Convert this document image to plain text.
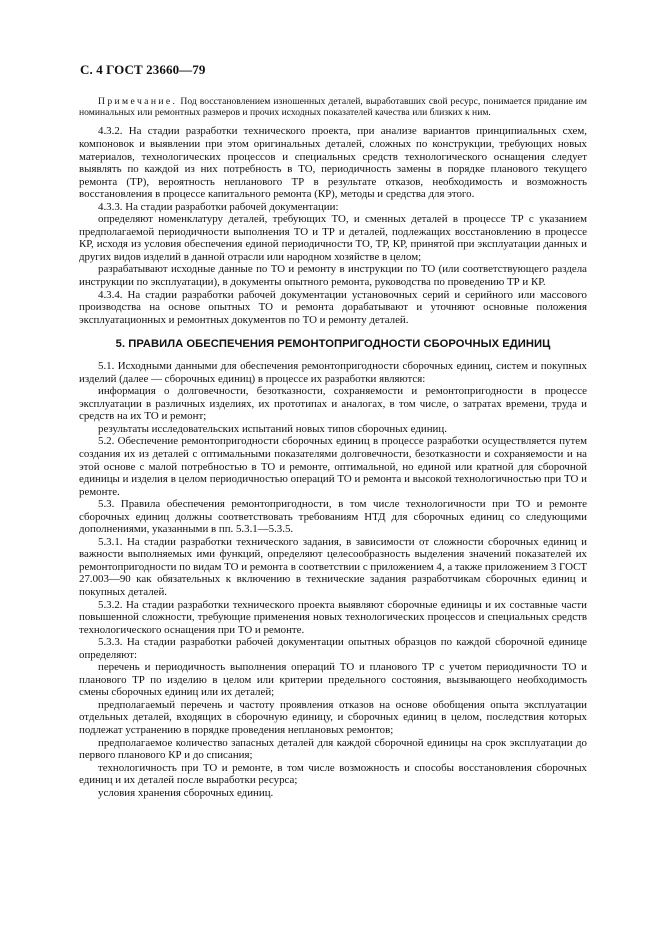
С. 4 ГОСТ 23660—79

Примечание. Под восстановлением изношенных деталей, выработавших свой ресурс, понимается придание им номинальных или ремонтных размеров и прочих исходных показателей качества или близких к ним.

4.3.2. На стадии разработки технического проекта, при анализе вариантов принципиальных схем, компоновок и выявлении при этом оригинальных деталей, сложных по конструкции, требующих новых материалов, технологических процессов и специальных средств технологического оснащения следует выявлять по каждой из них потребность в ТО, периодичность замены в порядке планового текущего ремонта (ТР), вероятность непланового ТР в результате отказов, необходимость и возможность восстановления в процессе капитального ремонта (КР), методы и средства для этого.

4.3.3. На стадии разработки рабочей документации:

определяют номенклатуру деталей, требующих ТО, и сменных деталей в процессе ТР с указанием предполагаемой периодичности выполнения ТО и ТР и деталей, подлежащих восстановлению в процессе КР, исходя из условия обеспечения единой периодичности ТО, ТР, КР, принятой при эксплуатации данных и других видов изделий в данной отрасли или народном хозяйстве в целом;

разрабатывают исходные данные по ТО и ремонту в инструкции по ТО (или соответствующего раздела инструкции по эксплуатации), в документы опытного ремонта, руководства по проведению ТР и КР.

4.3.4. На стадии разработки рабочей документации установочных серий и серийного или массового производства на основе опытных ТО и ремонта дорабатывают и уточняют основные положения эксплуатационных и ремонтных документов по ТО и ремонту деталей.

5. ПРАВИЛА ОБЕСПЕЧЕНИЯ РЕМОНТОПРИГОДНОСТИ СБОРОЧНЫХ ЕДИНИЦ

5.1. Исходными данными для обеспечения ремонтопригодности сборочных единиц, систем и покупных изделий (далее — сборочных единиц) в процессе их разработки являются:

информация о долговечности, безотказности, сохраняемости и ремонтопригодности в процессе эксплуатации в различных изделиях, их прототипах и аналогах, в том числе, о затратах времени, труда и средств на их ТО и ремонт;

результаты исследовательских испытаний новых типов сборочных единиц.

5.2. Обеспечение ремонтопригодности сборочных единиц в процессе разработки осуществляется путем создания их из деталей с оптимальными показателями долговечности, безотказности и сохраняемости и на этой основе с малой потребностью в ТО и ремонте, оптимальной, но единой или кратной для сборочной единицы и изделия в целом периодичностью операций ТО и ремонта и высокой технологичностью при ТО и ремонте.

5.3. Правила обеспечения ремонтопригодности, в том числе технологичности при ТО и ремонте сборочных единиц должны соответствовать требованиям НТД для сборочных единиц со следующими дополнениями, указанными в пп. 5.3.1—5.3.5.

5.3.1. На стадии разработки технического задания, в зависимости от сложности сборочных единиц и важности выполняемых ими функций, определяют целесообразность выделения значений показателей их ремонтопригодности по видам ТО и ремонта в соответствии с приложением 4, а также приложением 3 ГОСТ 27.003—90 как обязательных к включению в технические задания разработчикам сборочных единиц и покупных деталей.

5.3.2. На стадии разработки технического проекта выявляют сборочные единицы и их составные части повышенной сложности, требующие применения новых технологических процессов и специальных средств технологического оснащения при ТО и ремонте.

5.3.3. На стадии разработки рабочей документации опытных образцов по каждой сборочной единице определяют:

перечень и периодичность выполнения операций ТО и планового ТР с учетом периодичности ТО и планового ТР по изделию в целом или критерии предельного состояния, вызывающего необходимость смены сборочных единиц или их деталей;

предполагаемый перечень и частоту проявления отказов на основе обобщения опыта эксплуатации отдельных деталей, входящих в сборочную единицу, и сборочных единиц в целом, последствия которых подлежат устранению в порядке проведения неплановых ремонтов;

предполагаемое количество запасных деталей для каждой сборочной единицы на срок эксплуатации до первого планового КР и до списания;

технологичность при ТО и ремонте, в том числе возможность и способы восстановления сборочных единиц и их деталей после выработки ресурса;

условия хранения сборочных единиц.
